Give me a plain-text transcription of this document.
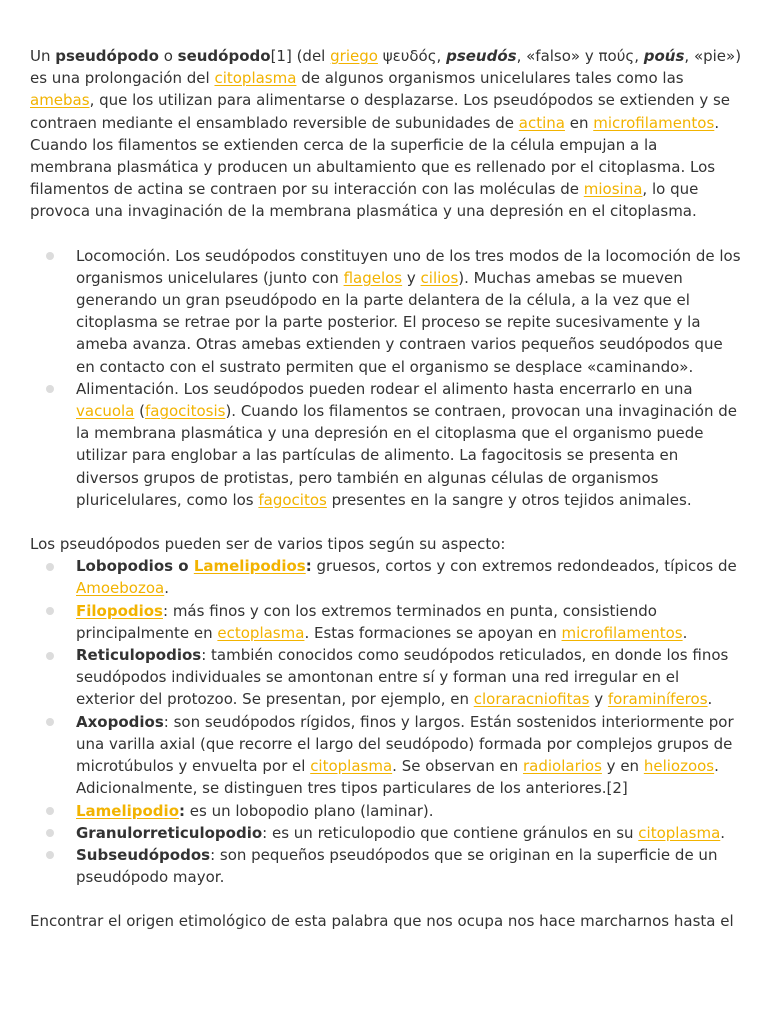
Un pseudópodo o seudópodo[1] (del griego ψευδός, pseudós, «falso» y πούς, poús, «pie») es una prolongación del citoplasma de algunos organismos unicelulares tales como las amebas, que los utilizan para alimentarse o desplazarse. Los pseudópodos se extienden y se contraen mediante el ensamblado reversible de subunidades de actina en microfilamentos. Cuando los filamentos se extienden cerca de la superficie de la célula empujan a la membrana plasmática y producen un abultamiento que es rellenado por el citoplasma. Los filamentos de actina se contraen por su interacción con las moléculas de miosina, lo que provoca una invaginación de la membrana plasmática y una depresión en el citoplasma.

Locomoción. Los seudópodos constituyen uno de los tres modos de la locomoción de los organismos unicelulares (junto con flagelos y cilios). Muchas amebas se mueven generando un gran pseudópodo en la parte delantera de la célula, a la vez que el citoplasma se retrae por la parte posterior. El proceso se repite sucesivamente y la ameba avanza. Otras amebas extienden y contraen varios pequeños seudópodos que en contacto con el sustrato permiten que el organismo se desplace «caminando».
Alimentación. Los seudópodos pueden rodear el alimento hasta encerrarlo en una vacuola (fagocitosis). Cuando los filamentos se contraen, provocan una invaginación de la membrana plasmática y una depresión en el citoplasma que el organismo puede utilizar para englobar a las partículas de alimento. La fagocitosis se presenta en diversos grupos de protistas, pero también en algunas células de organismos pluricelulares, como los fagocitos presentes en la sangre y otros tejidos animales.

Los pseudópodos pueden ser de varios tipos según su aspecto:

Lobopodios o Lamelipodios: gruesos, cortos y con extremos redondeados, típicos de Amoebozoa.
Filopodios: más finos y con los extremos terminados en punta, consistiendo principalmente en ectoplasma. Estas formaciones se apoyan en microfilamentos.
Reticulopodios: también conocidos como seudópodos reticulados, en donde los finos seudópodos individuales se amontonan entre sí y forman una red irregular en el exterior del protozoo. Se presentan, por ejemplo, en cloraracniofitas y foraminíferos.
Axopodios: son seudópodos rígidos, finos y largos. Están sostenidos interiormente por una varilla axial (que recorre el largo del seudópodo) formada por complejos grupos de microtúbulos y envuelta por el citoplasma. Se observan en radiolarios y en heliozoos. Adicionalmente, se distinguen tres tipos particulares de los anteriores.[2]
Lamelipodio: es un lobopodio plano (laminar).
Granulorreticulopodio: es un reticulopodio que contiene gránulos en su citoplasma.
Subseudópodos: son pequeños pseudópodos que se originan en la superficie de un pseudópodo mayor.

Encontrar el origen etimológico de esta palabra que nos ocupa nos hace marcharnos hasta el
